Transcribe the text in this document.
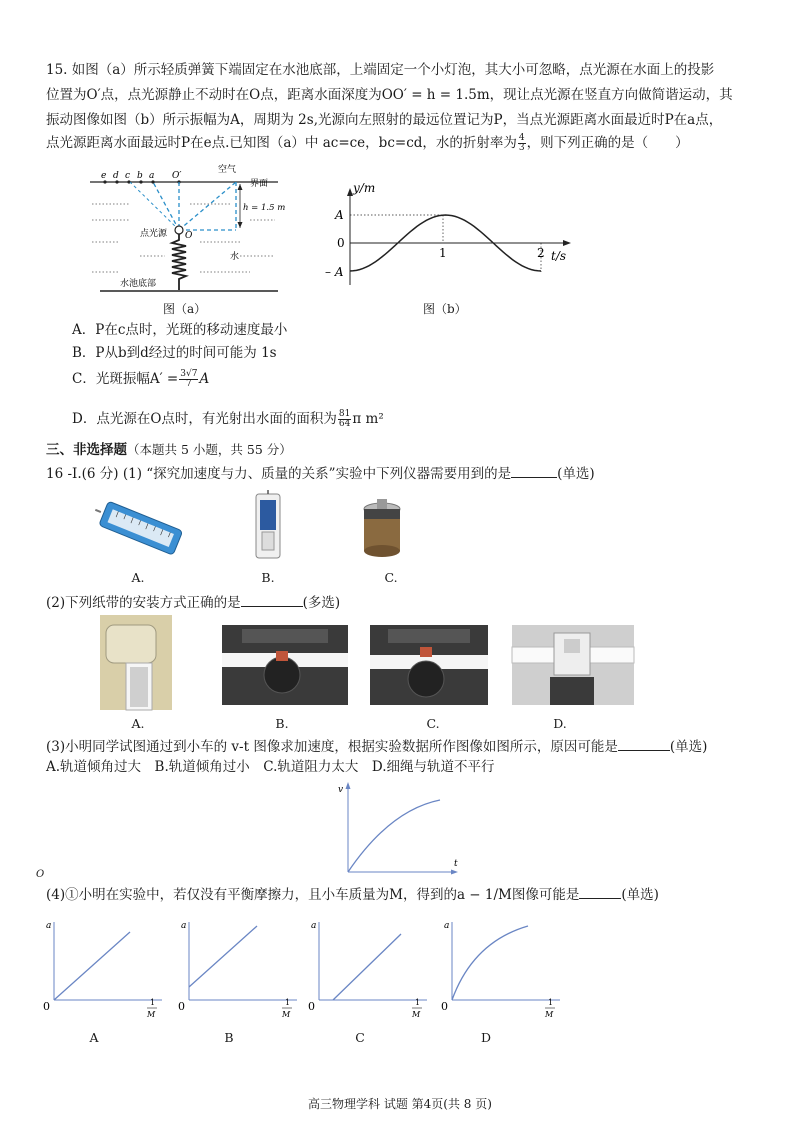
15. 如图（a）所示轻质弹簧下端固定在水池底部，上端固定一个小灯泡，其大小可忽略，点光源在水面上的投影
位置为O′点，点光源静止不动时在O点，距离水面深度为OO′ = h = 1.5m，现让点光源在竖直方向做简谐运动，其
振动图像如图（b）所示振幅为A，周期为 2s,光源向左照射的最远位置记为P，当点光源距离水面最近时P在a点，
点光源距离水面最远时P在e点.已知图（a）中 ac=ce，bc=cd，水的折射率为 $\frac{4}{3}$ ，则下列正确的是（　　）
e d c b a O′
空气
界面
h = 1.5 m
点光源 O
水
水池底部
图（a）
y/m
t/s
A
0
– A
1	2
图（b）
A．P在c点时，光斑的移动速度最小
B．P从b到d经过的时间可能为 1s
C．光斑振幅$A' = \frac{3√7}{7}$ A
D．点光源在O点时，有光射出水面的面积为 $\frac{81}{64}$ π m²
三、非选择题（本题共 5 小题，共 55 分）
16 -Ⅰ.(6 分) (1) “探究加速度与力、质量的关系”实验中下列仪器需要用到的是	(单选)
A.	B.	C.
(2)下列纸带的安装方式正确的是	(多选)
A.	B.	C.	D.
(3)小明同学试图通过到小车的 v-t 图像求加速度，根据实验数据所作图像如图所示，原因可能是	(单选)
A.轨道倾角过大　B.轨道倾角过小　C.轨道阻力太大　D.细绳与轨道不平行
v
t
O
(4)①小明在实验中，若仅没有平衡摩擦力，且小车质量为M，得到的a − 1/M图像可能是	(单选)
a
0	1
M
a
0	1
M
a
0	1
M
a
0	1
M
A	B	C	D
高三物理学科 试题 第4页(共 8 页)
